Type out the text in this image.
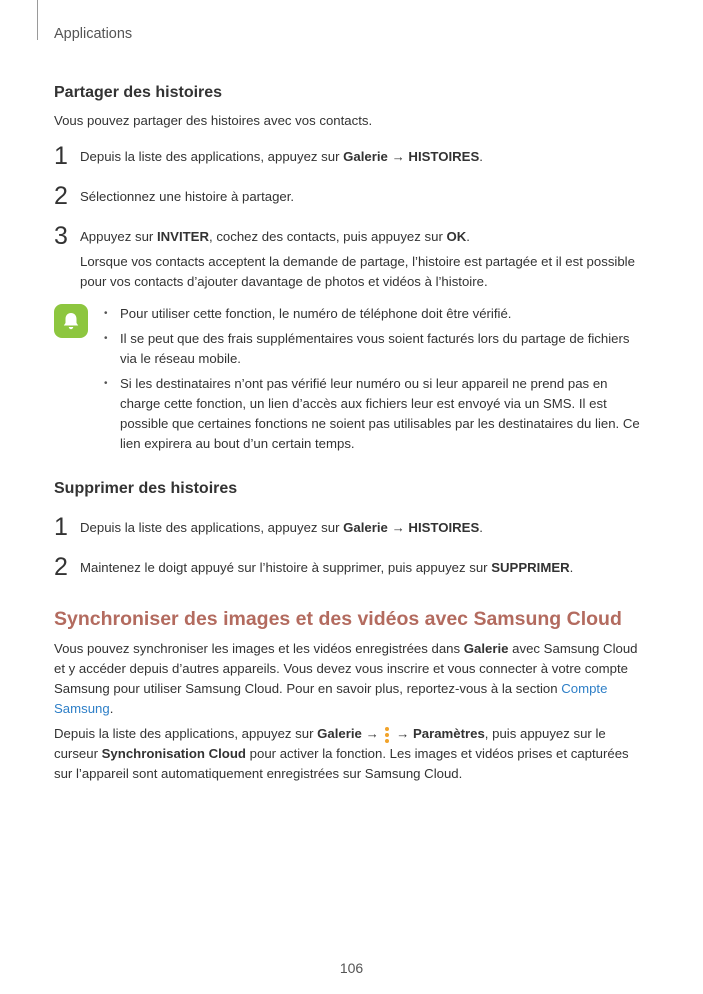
Applications
Partager des histoires

Vous pouvez partager des histoires avec vos contacts.

1 Depuis la liste des applications, appuyez sur Galerie → HISTOIRES.
2 Sélectionnez une histoire à partager.
3 Appuyez sur INVITER, cochez des contacts, puis appuyez sur OK.

Lorsque vos contacts acceptent la demande de partage, l’histoire est partagée et il est possible pour vos contacts d’ajouter davantage de photos et vidéos à l’histoire.

• Pour utiliser cette fonction, le numéro de téléphone doit être vérifié.
• Il se peut que des frais supplémentaires vous soient facturés lors du partage de fichiers via le réseau mobile.
• Si les destinataires n’ont pas vérifié leur numéro ou si leur appareil ne prend pas en charge cette fonction, un lien d’accès aux fichiers leur est envoyé via un SMS. Il est possible que certaines fonctions ne soient pas utilisables par les destinataires du lien. Ce lien expirera au bout d’un certain temps.
Supprimer des histoires
1 Depuis la liste des applications, appuyez sur Galerie → HISTOIRES.
2 Maintenez le doigt appuyé sur l’histoire à supprimer, puis appuyez sur SUPPRIMER.
Synchroniser des images et des vidéos avec Samsung Cloud

Vous pouvez synchroniser les images et les vidéos enregistrées dans Galerie avec Samsung Cloud et y accéder depuis d’autres appareils. Vous devez vous inscrire et vous connecter à votre compte Samsung pour utiliser Samsung Cloud. Pour en savoir plus, reportez-vous à la section Compte Samsung.

Depuis la liste des applications, appuyez sur Galerie →
→ Paramètres, puis appuyez sur le curseur Synchronisation Cloud pour activer la fonction. Les images et vidéos prises et capturées sur l’appareil sont automatiquement enregistrées sur Samsung Cloud.

106
